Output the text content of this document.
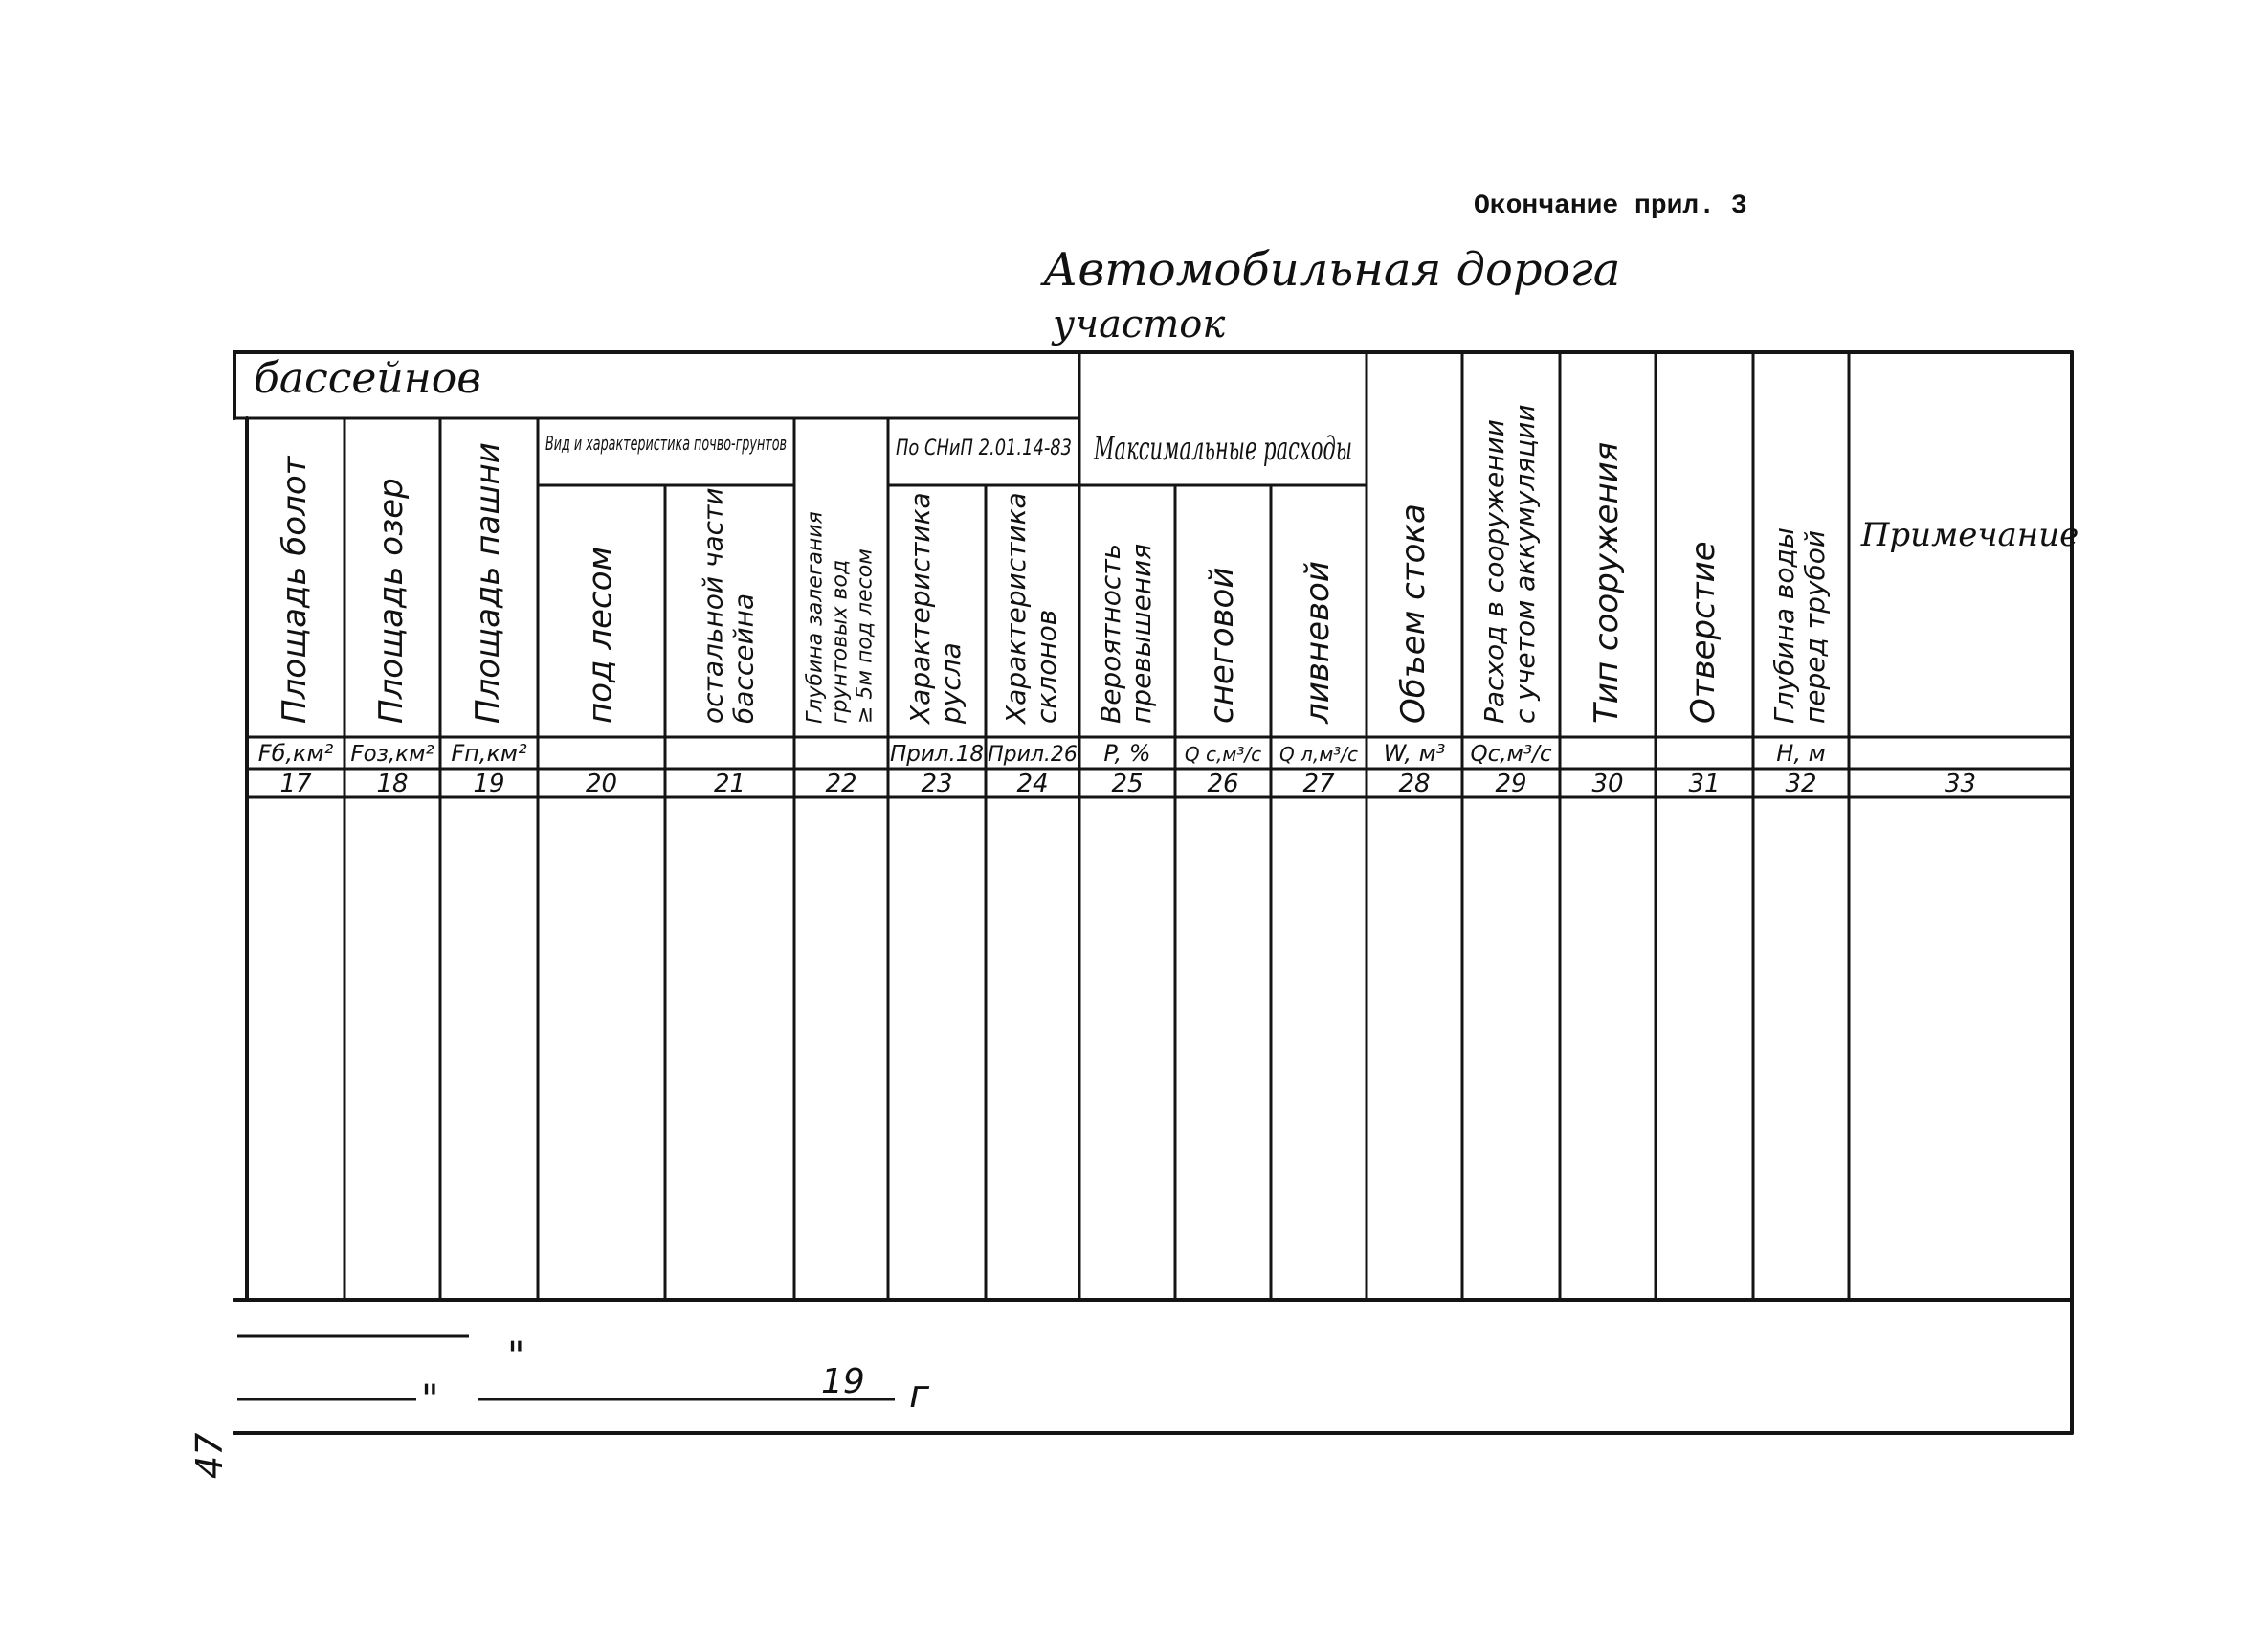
Окончание прил. 3
Автомобильная дорога
участок
бассейнов
Вид и характеристика почво-грунтов	По СНиП 2.01.14-83 Максимальные расходы
Площадь болот
Fб,км²
17
Площадь озер
Fоз,км²
18
Площадь пашни
Fп,км²
19
под лесом
20
остальной части бассейна
21
Глубина залегания грунтовых вод ≥ 5м под лесом
22
Характеристика русла
Прил.18
23
Характеристика склонов
Прил.26
24
Вероятность превышения
P, %
25
снеговой
Q с,м³/с
26
ливневой
Q л,м³/с
27
Объем стока
W, м³
28
Расход в сооружении с учетом аккумуляции
Qс,м³/с
29
Тип сооружения
30
Отверстие
31
Глубина воды перед трубой
H, м
32
Примечание
33
"
"	19 г
47
